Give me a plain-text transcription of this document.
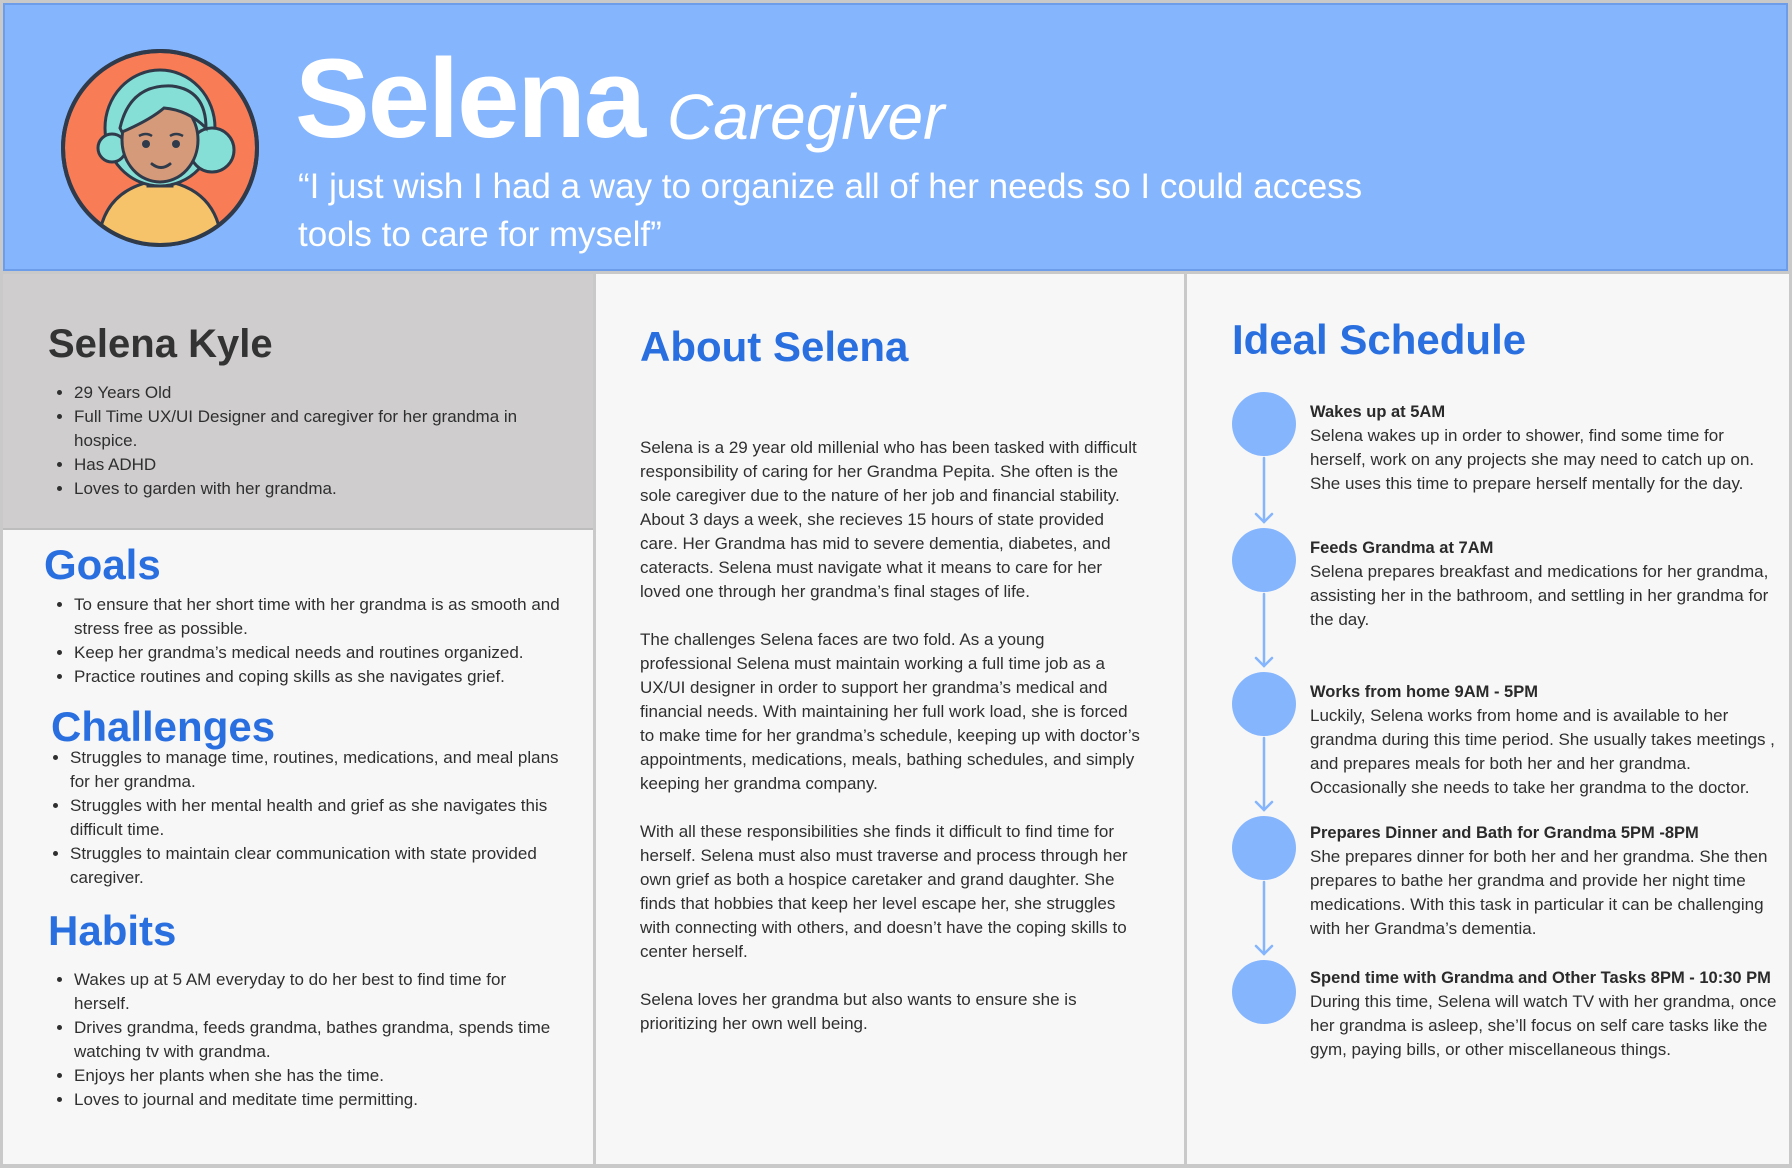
Selena Caregiver
“I just wish I had a way to organize all of her needs so I could access tools to care for myself”
Selena Kyle
• 29 Years Old
• Full Time UX/UI Designer and caregiver for her grandma in hospice.
• Has ADHD
• Loves to garden with her grandma.
Goals
• To ensure that her short time with her grandma is as smooth and stress free as possible.
• Keep her grandma’s medical needs and routines organized.
• Practice routines and coping skills as she navigates grief.
Challenges
• Struggles to manage time, routines, medications, and meal plans for her grandma.
• Struggles with her mental health and grief as she navigates this difficult time.
• Struggles to maintain clear communication with state provided caregiver.
Habits
• Wakes up at 5 AM everyday to do her best to find time for herself.
• Drives grandma, feeds grandma, bathes grandma, spends time watching tv with grandma.
• Enjoys her plants when she has the time.
• Loves to journal and meditate time permitting.
About Selena

Selena is a 29 year old millenial who has been tasked with difficult responsibility of caring for her Grandma Pepita. She often is the sole caregiver due to the nature of her job and financial stability. About 3 days a week, she recieves 15 hours of state provided care. Her Grandma has mid to severe dementia, diabetes, and cateracts. Selena must navigate what it means to care for her loved one through her grandma’s final stages of life.

The challenges Selena faces are two fold. As a young professional Selena must maintain working a full time job as a UX/UI designer in order to support her grandma’s medical and financial needs. With maintaining her full work load, she is forced to make time for her grandma’s schedule, keeping up with doctor’s appointments, medications, meals, bathing schedules, and simply keeping her grandma company.

With all these responsibilities she finds it difficult to find time for herself. Selena must also must traverse and process through her own grief as both a hospice caretaker and grand daughter. She finds that hobbies that keep her level escape her, she struggles with connecting with others, and doesn’t have the coping skills to center herself.

Selena loves her grandma but also wants to ensure she is prioritizing her own well being.

Ideal Schedule
Wakes up at 5AM
Selena wakes up in order to shower, find some time for herself, work on any projects she may need to catch up on. She uses this time to prepare herself mentally for the day.
Feeds Grandma at 7AM
Selena prepares breakfast and medications for her grandma, assisting her in the bathroom, and settling in her grandma for the day.
Works from home 9AM - 5PM
Luckily, Selena works from home and is available to her grandma during this time period. She usually takes meetings , and prepares meals for both her and her grandma. Occasionally she needs to take her grandma to the doctor.
Prepares Dinner and Bath for Grandma 5PM -8PM
She prepares dinner for both her and her grandma. She then prepares to bathe her grandma and provide her night time medications. With this task in particular it can be challenging with her Grandma’s dementia.
Spend time with Grandma and Other Tasks 8PM - 10:30 PM
During this time, Selena will watch TV with her grandma, once her grandma is asleep, she’ll focus on self care tasks like the gym, paying bills, or other miscellaneous things.
